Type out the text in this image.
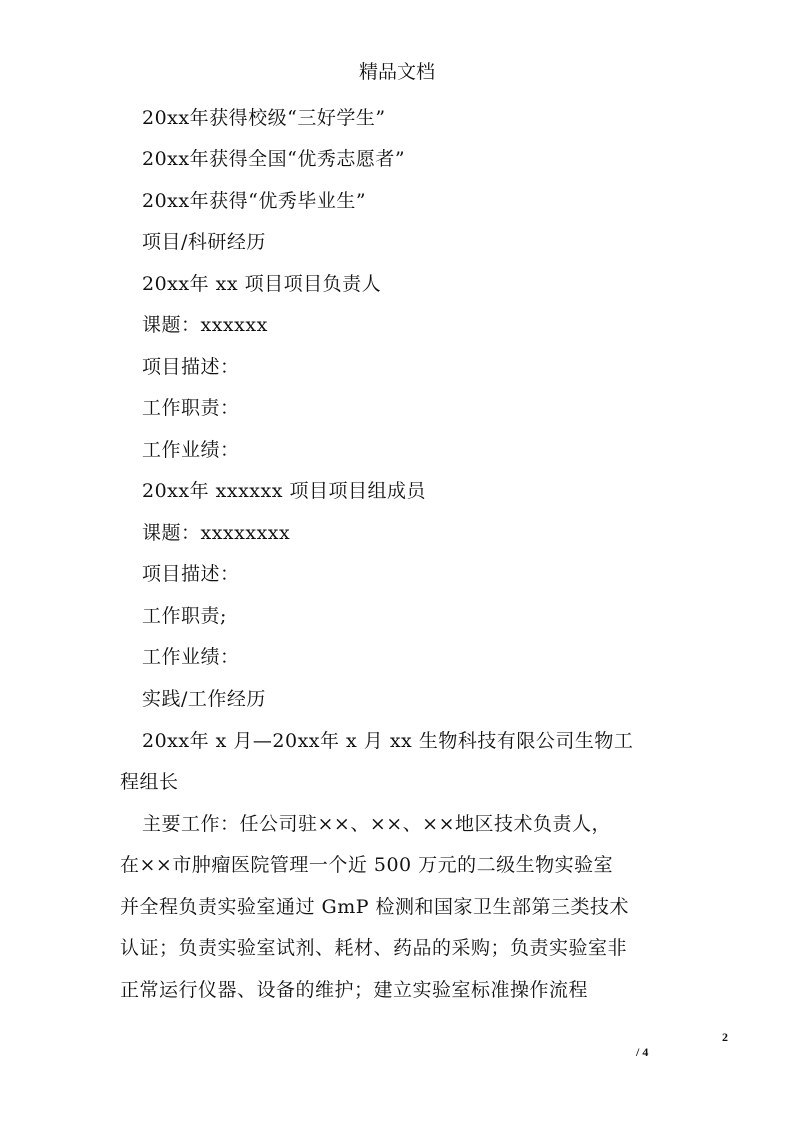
精品文档
20xx年获得校级“三好学生”
20xx年获得全国“优秀志愿者”
20xx年获得“优秀毕业生”
项目/科研经历
20xx年 xx 项目项目负责人
课题：xxxxxx
项目描述：
工作职责：
工作业绩：
20xx年 xxxxxx 项目项目组成员
课题：xxxxxxxx
项目描述：
工作职责;
工作业绩：
实践/工作经历
20xx年 x 月—20xx年 x 月 xx 生物科技有限公司生物工
程组长
主要工作：任公司驻××、××、××地区技术负责人，
在××市肿瘤医院管理一个近 500 万元的二级生物实验室
并全程负责实验室通过 GmP 检测和国家卫生部第三类技术
认证；负责实验室试剂、耗材、药品的采购；负责实验室非
正常运行仪器、设备的维护；建立实验室标准操作流程
2
/ 4
